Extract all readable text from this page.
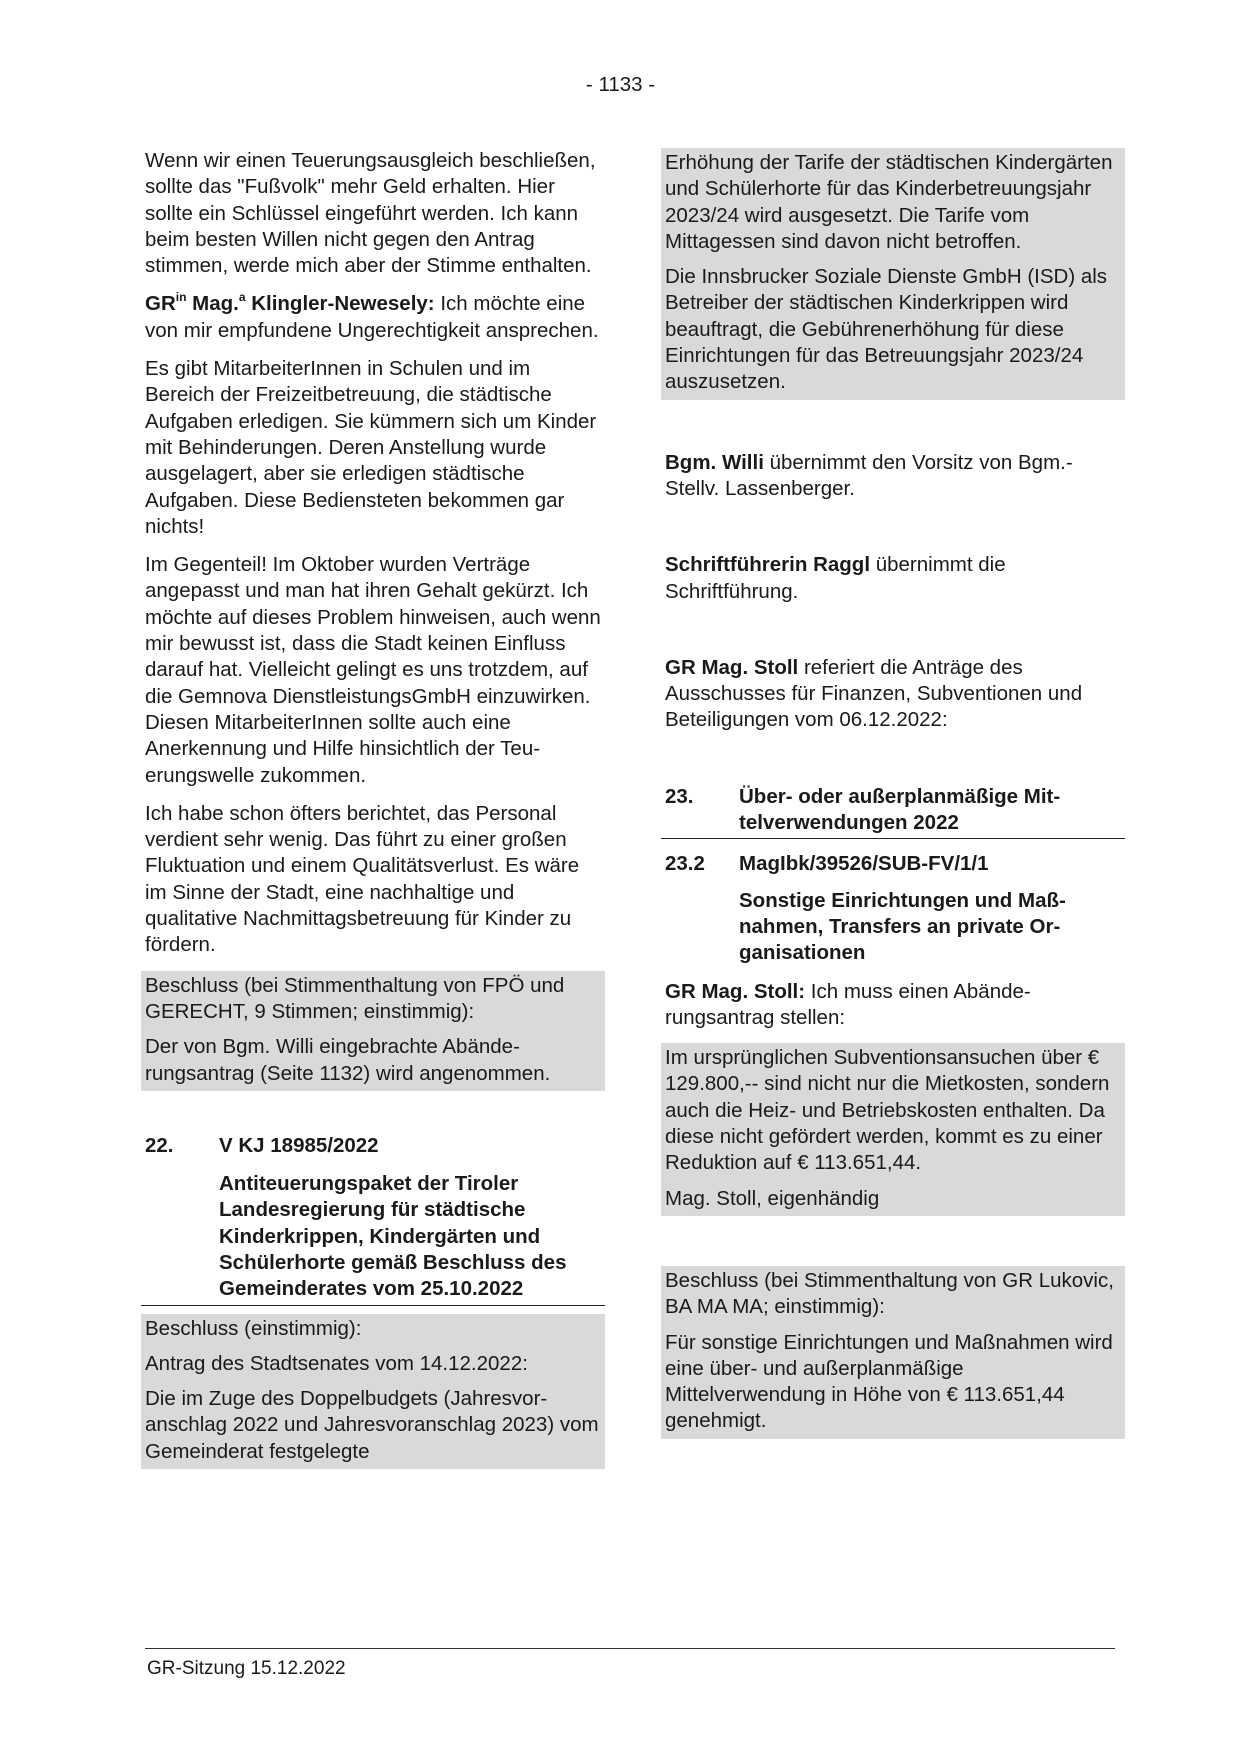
- 1133 -

Wenn wir einen Teuerungsausgleich beschließen, sollte das "Fußvolk" mehr Geld erhalten. Hier sollte ein Schlüssel eingeführt werden. Ich kann beim besten Willen nicht gegen den Antrag stimmen, werde mich aber der Stimme enthalten.

$GR^{in}$ Mag.$^a$ Klingler-Newesely: Ich möchte eine von mir empfundene Ungerechtigkeit ansprechen.

Es gibt MitarbeiterInnen in Schulen und im Bereich der Freizeitbetreuung, die städtische Aufgaben erledigen. Sie kümmern sich um Kinder mit Behinderungen. Deren Anstellung wurde ausgelagert, aber sie erledigen städtische Aufgaben. Diese Bediensteten bekommen gar nichts!

Im Gegenteil! Im Oktober wurden Verträge angepasst und man hat ihren Gehalt gekürzt. Ich möchte auf dieses Problem hinweisen, auch wenn mir bewusst ist, dass die Stadt keinen Einfluss darauf hat. Vielleicht gelingt es uns trotzdem, auf die Gemnova DienstleistungsGmbH einzuwirken. Diesen MitarbeiterInnen sollte auch eine Anerkennung und Hilfe hinsichtlich der Teuerungswelle zukommen.

Ich habe schon öfters berichtet, das Personal verdient sehr wenig. Das führt zu einer großen Fluktuation und einem Qualitätsverlust. Es wäre im Sinne der Stadt, eine nachhaltige und qualitative Nachmittagsbetreuung für Kinder zu fördern.

Beschluss (bei Stimmenthaltung von FPÖ und GERECHT, 9 Stimmen; einstimmig):

Der von Bgm. Willi eingebrachte Abänderungsantrag (Seite 1132) wird angenommen.

22.	V KJ 18985/2022
Antiteuerungspaket der Tiroler Landesregierung für städtische Kinderkrippen, Kindergärten und Schülerhorte gemäß Beschluss des Gemeinderates vom 25.10.2022

Beschluss (einstimmig):

Antrag des Stadtsenates vom 14.12.2022:

Die im Zuge des Doppelbudgets (Jahresvoranschlag 2022 und Jahresvoranschlag 2023) vom Gemeinderat festgelegte

Erhöhung der Tarife der städtischen Kindergärten und Schülerhorte für das Kinderbetreuungsjahr 2023/24 wird ausgesetzt. Die Tarife vom Mittagessen sind davon nicht betroffen.

Die Innsbrucker Soziale Dienste GmbH (ISD) als Betreiber der städtischen Kinderkrippen wird beauftragt, die Gebührenerhöhung für diese Einrichtungen für das Betreuungsjahr 2023/24 auszusetzen.

Bgm. Willi übernimmt den Vorsitz von Bgm.-Stellv. Lassenberger.

Schriftführerin Raggl übernimmt die Schriftführung.

GR Mag. Stoll referiert die Anträge des Ausschusses für Finanzen, Subventionen und Beteiligungen vom 06.12.2022:

23.	Über- oder außerplanmäßige Mittelverwendungen 2022
23.2	MagIbk/39526/SUB-FV/1/1
Sonstige Einrichtungen und Maßnahmen, Transfers an private Organisationen

GR Mag. Stoll: Ich muss einen Abänderungsantrag stellen:

Im ursprünglichen Subventionsansuchen über € 129.800,-- sind nicht nur die Mietkosten, sondern auch die Heiz- und Betriebskosten enthalten. Da diese nicht gefördert werden, kommt es zu einer Reduktion auf € 113.651,44.

Mag. Stoll, eigenhändig

Beschluss (bei Stimmenthaltung von GR Lukovic, BA MA MA; einstimmig):

Für sonstige Einrichtungen und Maßnahmen wird eine über- und außerplanmäßige Mittelverwendung in Höhe von € 113.651,44 genehmigt.

GR-Sitzung 15.12.2022
